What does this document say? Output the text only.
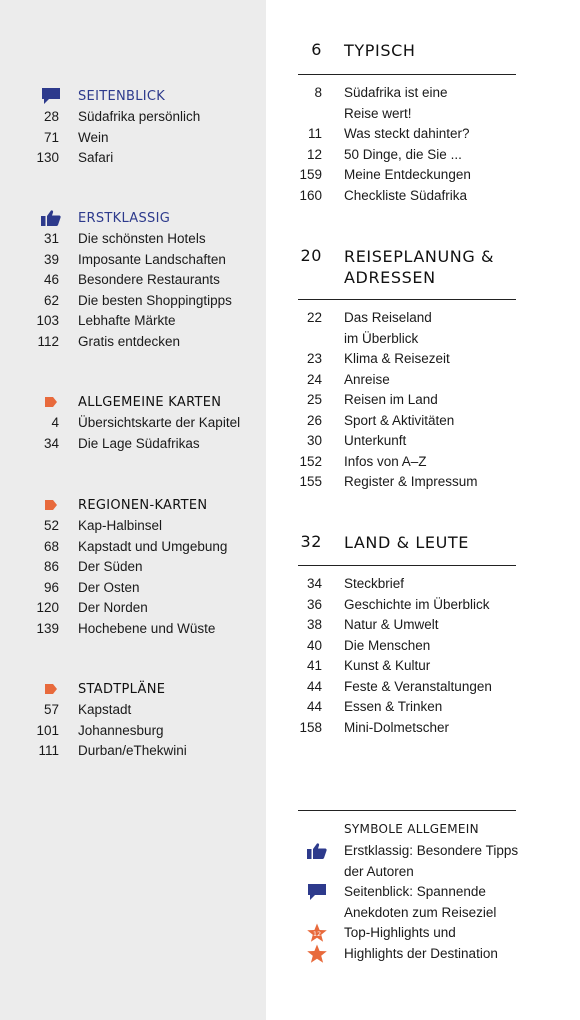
SEITENBLICK
28 Südafrika persönlich
71 Wein
130 Safari
ERSTKLASSIG
31 Die schönsten Hotels
39 Imposante Landschaften
46 Besondere Restaurants
62 Die besten Shoppingtipps
103 Lebhafte Märkte
112 Gratis entdecken
ALLGEMEINE KARTEN
4 Übersichtskarte der Kapitel
34 Die Lage Südafrikas
REGIONEN-KARTEN
52 Kap-Halbinsel
68 Kapstadt und Umgebung
86 Der Süden
96 Der Osten
120 Der Norden
139 Hochebene und Wüste
STADTPLÄNE
57 Kapstadt
101 Johannesburg
111 Durban/eThekwini
6 TYPISCH
8 Südafrika ist eine
Reise wert!
11 Was steckt dahinter?
12 50 Dinge, die Sie ...
159 Meine Entdeckungen
160 Checkliste Südafrika
20 REISEPLANUNG &
ADRESSEN
22 Das Reiseland
im Überblick
23 Klima & Reisezeit
24 Anreise
25 Reisen im Land
26 Sport & Aktivitäten
30 Unterkunft
152 Infos von A–Z
155 Register & Impressum
32 LAND & LEUTE
34 Steckbrief
36 Geschichte im Überblick
38 Natur & Umwelt
40 Die Menschen
41 Kunst & Kultur
44 Feste & Veranstaltungen
44 Essen & Trinken
158 Mini-Dolmetscher
SYMBOLE ALLGEMEIN
Erstklassig: Besondere Tipps
der Autoren
Seitenblick: Spannende
Anekdoten zum Reiseziel
12 Top-Highlights und
Highlights der Destination
